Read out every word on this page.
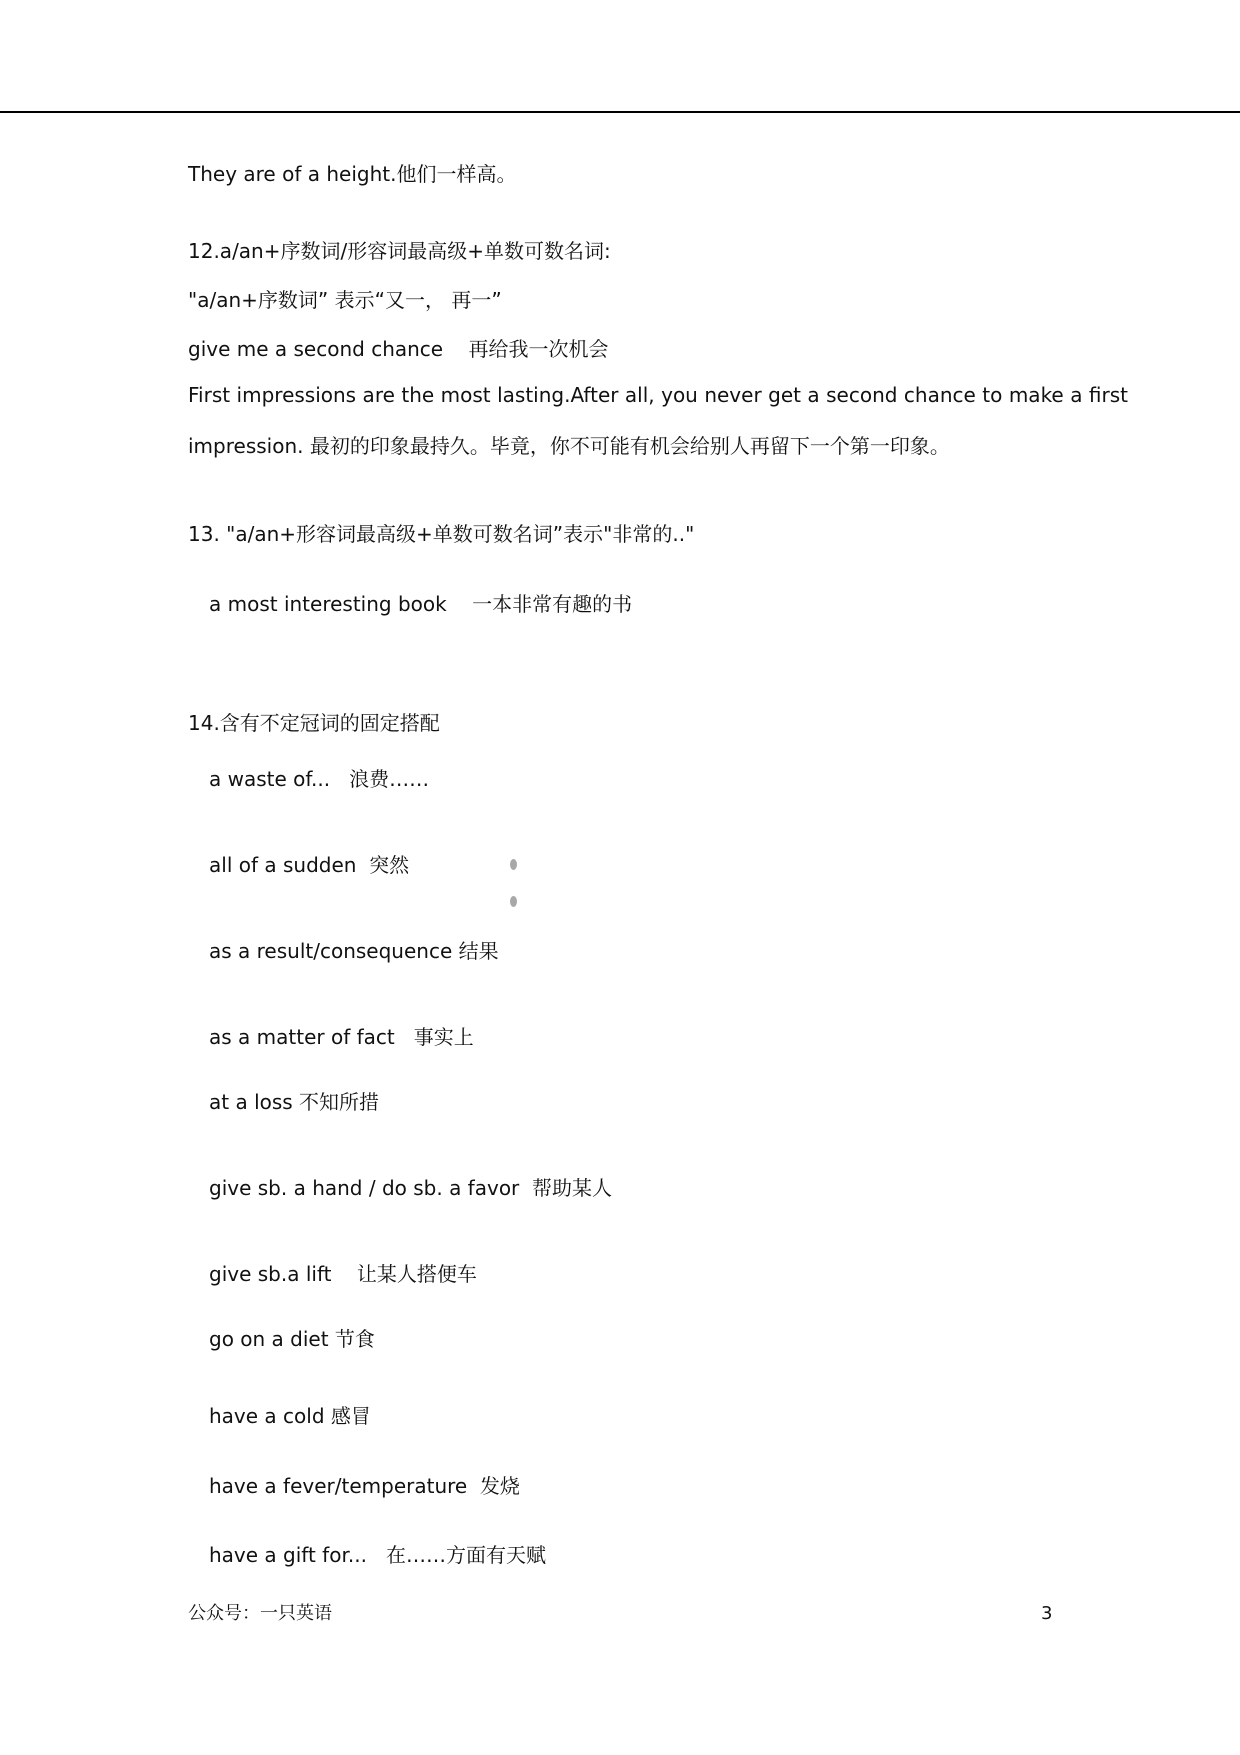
They are of a height.他们一样高。
12.a/an+序数词/形容词最高级+单数可数名词:
"a/an+序数词” 表示“又一， 再一”
give me a second chance    再给我一次机会
First impressions are the most lasting.After all, you never get a second chance to make a first
impression. 最初的印象最持久。毕竟，你不可能有机会给别人再留下一个第一印象。
13. "a/an+形容词最高级+单数可数名词”表示"非常的.."
a most interesting book    一本非常有趣的书
14.含有不定冠词的固定搭配
a waste of...   浪费……
all of a sudden  突然
as a result/consequence 结果
as a matter of fact   事实上
at a loss 不知所措
give sb. a hand / do sb. a favor  帮助某人
give sb.a lift    让某人搭便车
go on a diet 节食
have a cold 感冒
have a fever/temperature  发烧
have a gift for...   在……方面有天赋
公众号：一只英语	3
